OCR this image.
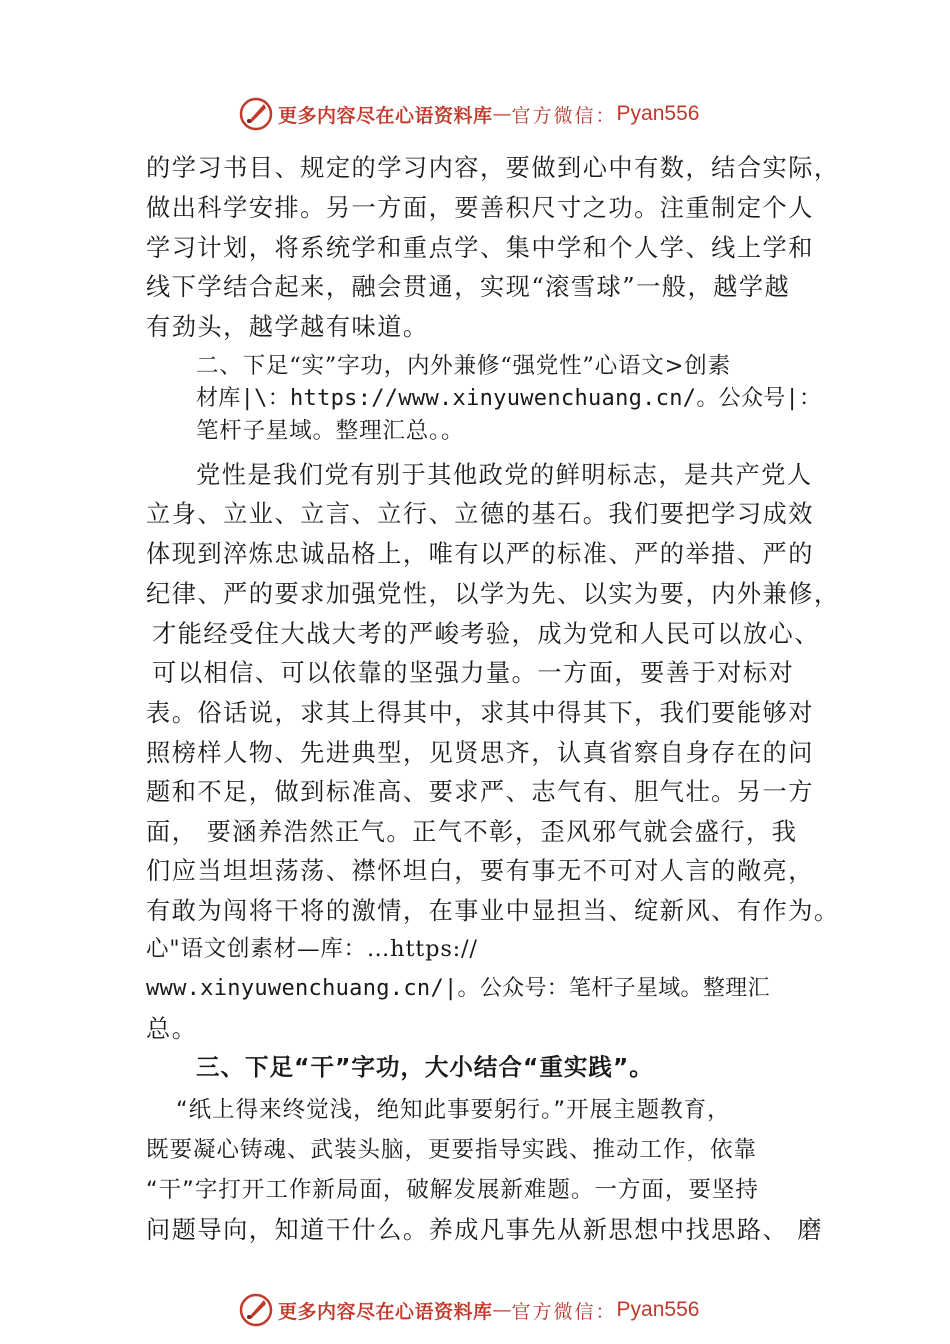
更多内容尽在心语资料库 — 官方微信： Pyan556
的学习书目、规定的学习内容，要做到心中有数，结合实际，
做出科学安排。另一方面，要善积尺寸之功。注重制定个人
学习计划，将系统学和重点学、集中学和个人学、线上学和
线下学结合起来，融会贯通，实现“滚雪球”一般，越学越
有劲头，越学越有味道。
二、下足“实”字功，内外兼修“强党性”心语文>创素
材库|\：https://www.xinyuwenchuang.cn/。公众号|：
笔杆子星域。整理汇总。。
党性是我们党有别于其他政党的鲜明标志，是共产党人
立身、立业、立言、立行、立德的基石。我们要把学习成效
体现到淬炼忠诚品格上，唯有以严的标准、严的举措、严的
纪律、严的要求加强党性，以学为先、以实为要，内外兼修，
才能经受住大战大考的严峻考验，成为党和人民可以放心、
可以相信、可以依靠的坚强力量。一方面，要善于对标对
表。俗话说，求其上得其中，求其中得其下，我们要能够对
照榜样人物、先进典型，见贤思齐，认真省察自身存在的问
题和不足，做到标准高、要求严、志气有、胆气壮。另一方
面， 要涵养浩然正气。正气不彰，歪风邪气就会盛行，我
们应当坦坦荡荡、襟怀坦白，要有事无不可对人言的敞亮，
有敢为闯将干将的激情，在事业中显担当、绽新风、有作为。
心"语文创素材—库：…https://
www.xinyuwenchuang.cn/|。公众号：笔杆子星域。整理汇
总。
三、下足“干”字功，大小结合“重实践”。
“纸上得来终觉浅，绝知此事要躬行。”开展主题教育，
既要凝心铸魂、武装头脑，更要指导实践、推动工作，依靠
“干”字打开工作新局面，破解发展新难题。一方面，要坚持
问题导向，知道干什么。养成凡事先从新思想中找思路、 磨
更多内容尽在心语资料库 — 官方微信： Pyan556
